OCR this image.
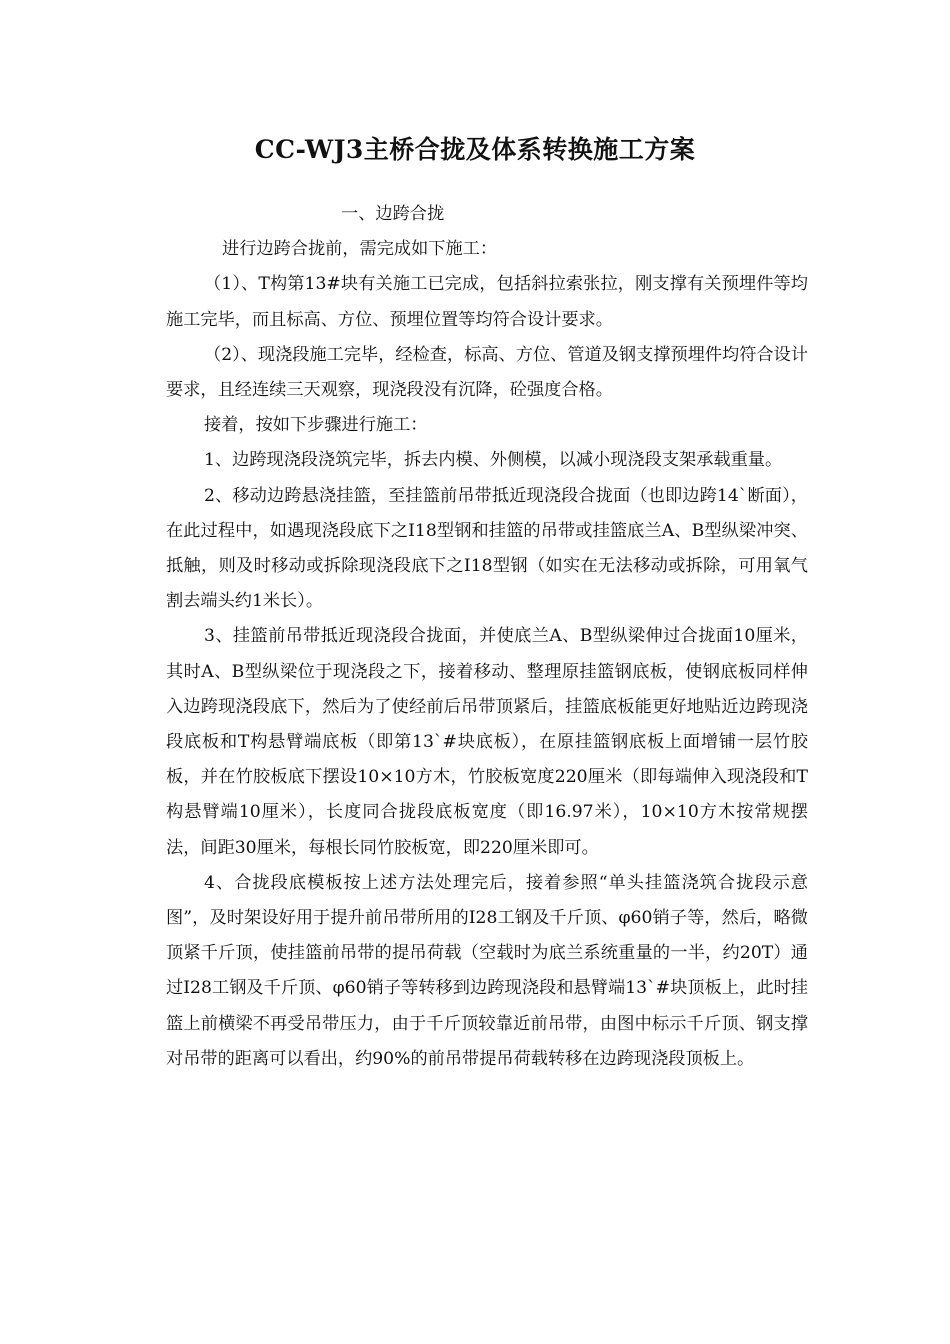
CC-WJ3主桥合拢及体系转换施工方案

一、边跨合拢

进行边跨合拢前，需完成如下施工：

（1）、T构第13#块有关施工已完成，包括斜拉索张拉，刚支撑有关预埋件等均施工完毕，而且标高、方位、预埋位置等均符合设计要求。

（2）、现浇段施工完毕，经检查，标高、方位、管道及钢支撑预埋件均符合设计要求，且经连续三天观察，现浇段没有沉降，砼强度合格。

接着，按如下步骤进行施工：

1、边跨现浇段浇筑完毕，拆去内模、外侧模，以减小现浇段支架承载重量。

2、移动边跨悬浇挂篮，至挂篮前吊带抵近现浇段合拢面（也即边跨14`断面），在此过程中，如遇现浇段底下之I18型钢和挂篮的吊带或挂篮底兰A、B型纵梁冲突、抵触，则及时移动或拆除现浇段底下之I18型钢（如实在无法移动或拆除，可用氧气割去端头约1米长）。

3、挂篮前吊带抵近现浇段合拢面，并使底兰A、B型纵梁伸过合拢面10厘米，其时A、B型纵梁位于现浇段之下，接着移动、整理原挂篮钢底板，使钢底板同样伸入边跨现浇段底下，然后为了使经前后吊带顶紧后，挂篮底板能更好地贴近边跨现浇段底板和T构悬臂端底板（即第13`#块底板），在原挂篮钢底板上面增铺一层竹胶板，并在竹胶板底下摆设10×10方木，竹胶板宽度220厘米（即每端伸入现浇段和T构悬臂端10厘米），长度同合拢段底板宽度（即16.97米），10×10方木按常规摆法，间距30厘米，每根长同竹胶板宽，即220厘米即可。

4、合拢段底模板按上述方法处理完后，接着参照“单头挂篮浇筑合拢段示意图”，及时架设好用于提升前吊带所用的I28工钢及千斤顶、φ60销子等，然后，略微顶紧千斤顶，使挂篮前吊带的提吊荷载（空载时为底兰系统重量的一半，约20T）通过I28工钢及千斤顶、φ60销子等转移到边跨现浇段和悬臂端13`#块顶板上，此时挂篮上前横梁不再受吊带压力，由于千斤顶较靠近前吊带，由图中标示千斤顶、钢支撑对吊带的距离可以看出，约90%的前吊带提吊荷载转移在边跨现浇段顶板上。
